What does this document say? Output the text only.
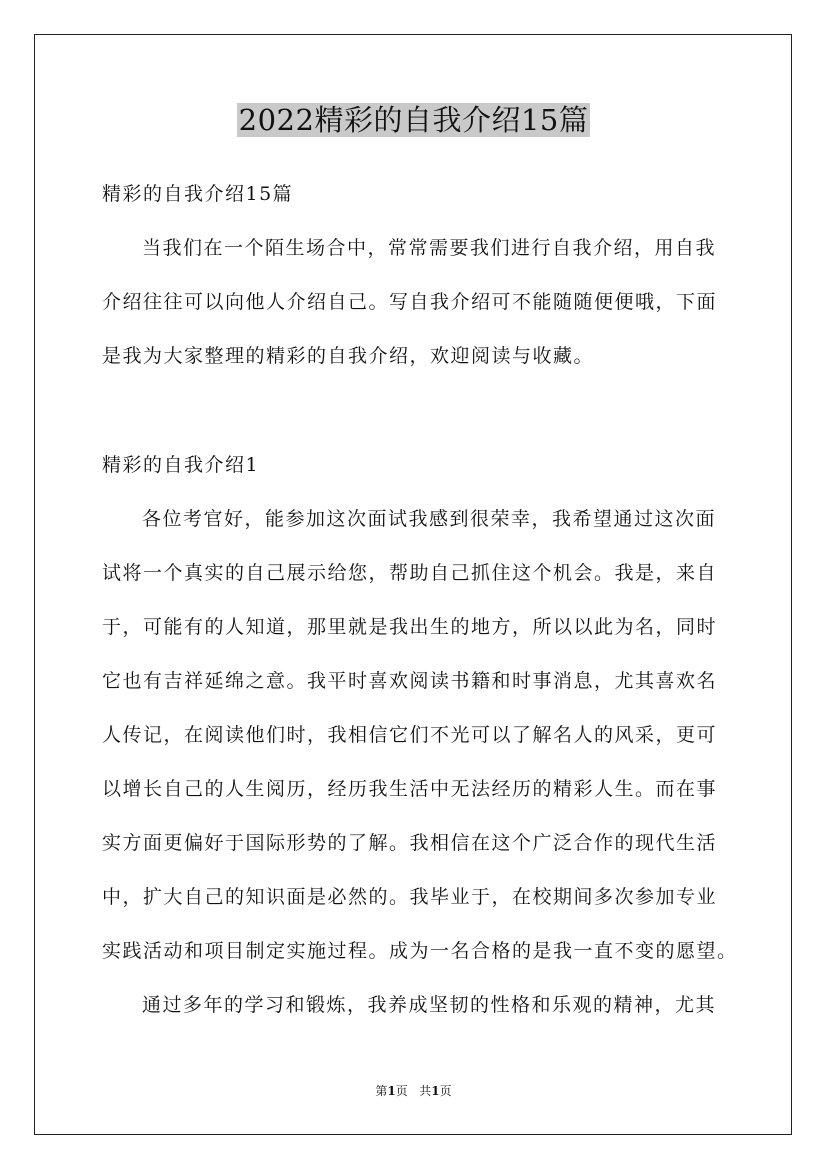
2022精彩的自我介绍15篇
精彩的自我介绍15篇
当我们在一个陌生场合中，常常需要我们进行自我介绍，用自我
介绍往往可以向他人介绍自己。写自我介绍可不能随随便便哦，下面
是我为大家整理的精彩的自我介绍，欢迎阅读与收藏。
精彩的自我介绍1
各位考官好，能参加这次面试我感到很荣幸，我希望通过这次面
试将一个真实的自己展示给您，帮助自己抓住这个机会。我是，来自
于，可能有的人知道，那里就是我出生的地方，所以以此为名，同时
它也有吉祥延绵之意。我平时喜欢阅读书籍和时事消息，尤其喜欢名
人传记，在阅读他们时，我相信它们不光可以了解名人的风采，更可
以增长自己的人生阅历，经历我生活中无法经历的精彩人生。而在事
实方面更偏好于国际形势的了解。我相信在这个广泛合作的现代生活
中，扩大自己的知识面是必然的。我毕业于，在校期间多次参加专业
实践活动和项目制定实施过程。成为一名合格的是我一直不变的愿望。
通过多年的学习和锻炼，我养成坚韧的性格和乐观的精神，尤其
第1页 共1页
